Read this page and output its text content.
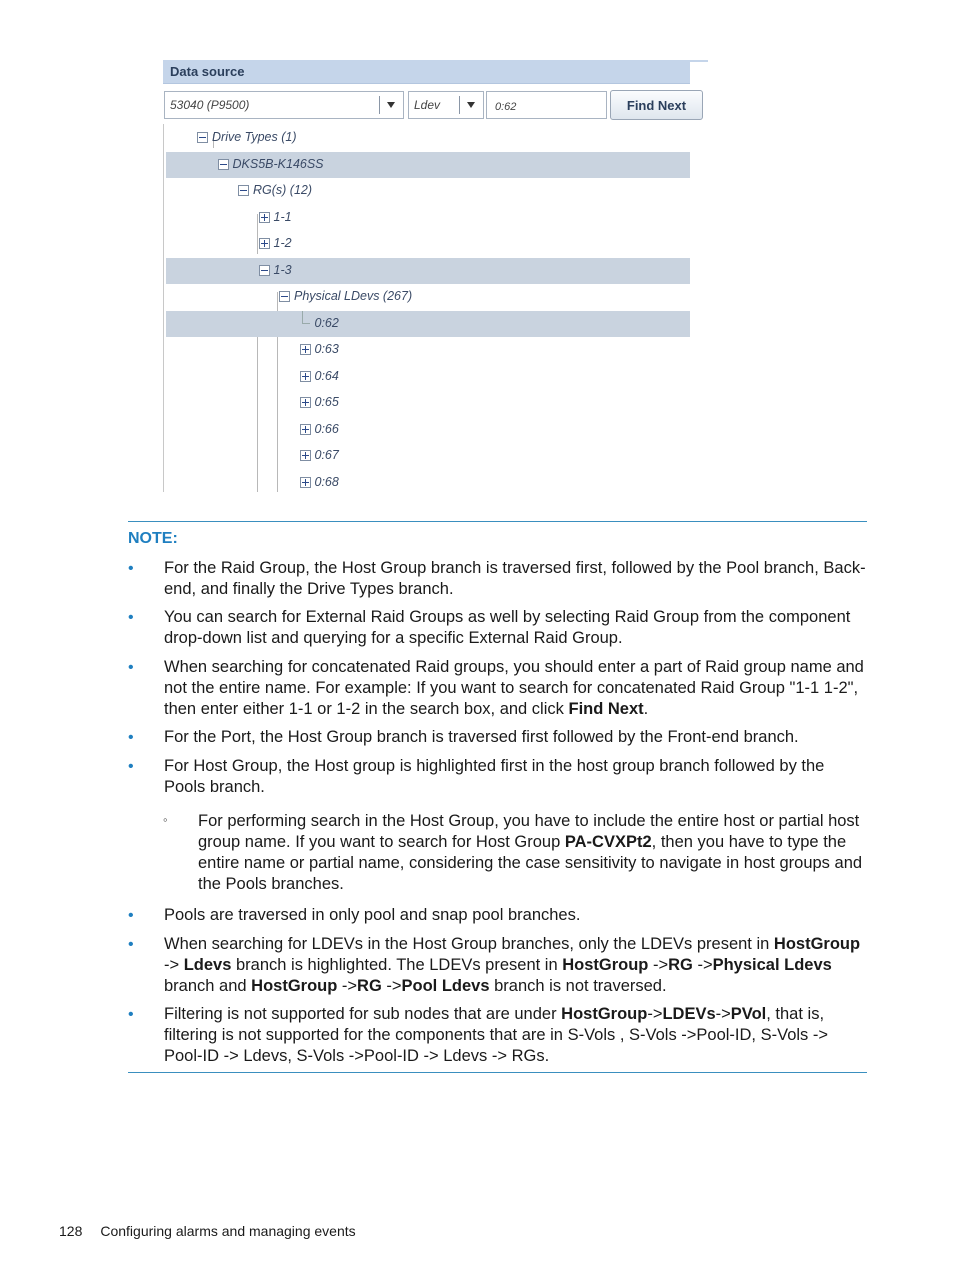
Data source
53040 (P9500)	Ldev
0:62	Find Next
Drive Types (1)
DKS5B-K146SS
RG(s) (12)
1-1
1-2
1-3
Physical LDevs (267)
0:62
0:63
0:64
0:65
0:66
0:67
0:68
NOTE:
• For the Raid Group, the Host Group branch is traversed first, followed by the Pool branch, Back-end, and finally the Drive Types branch.
• You can search for External Raid Groups as well by selecting Raid Group from the component drop-down list and querying for a specific External Raid Group.
• When searching for concatenated Raid groups, you should enter a part of Raid group name and not the entire name. For example: If you want to search for concatenated Raid Group "1-1 1-2", then enter either 1-1 or 1-2 in the search box, and click Find Next.
• For the Port, the Host Group branch is traversed first followed by the Front-end branch.
• For Host Group, the Host group is highlighted first in the host group branch followed by the Pools branch.
◦ For performing search in the Host Group, you have to include the entire host or partial host group name. If you want to search for Host Group PA-CVXPt2, then you have to type the entire name or partial name, considering the case sensitivity to navigate in host groups and the Pools branches.
• Pools are traversed in only pool and snap pool branches.
• When searching for LDEVs in the Host Group branches, only the LDEVs present in HostGroup -> Ldevs branch is highlighted. The LDEVs present in HostGroup ->RG ->Physical Ldevs branch and HostGroup ->RG ->Pool Ldevs branch is not traversed.
• Filtering is not supported for sub nodes that are under HostGroup->LDEVs->PVol, that is, filtering is not supported for the components that are in S-Vols , S-Vols ->Pool-ID, S-Vols -> Pool-ID -> Ldevs, S-Vols ->Pool-ID -> Ldevs -> RGs.
128 Configuring alarms and managing events
